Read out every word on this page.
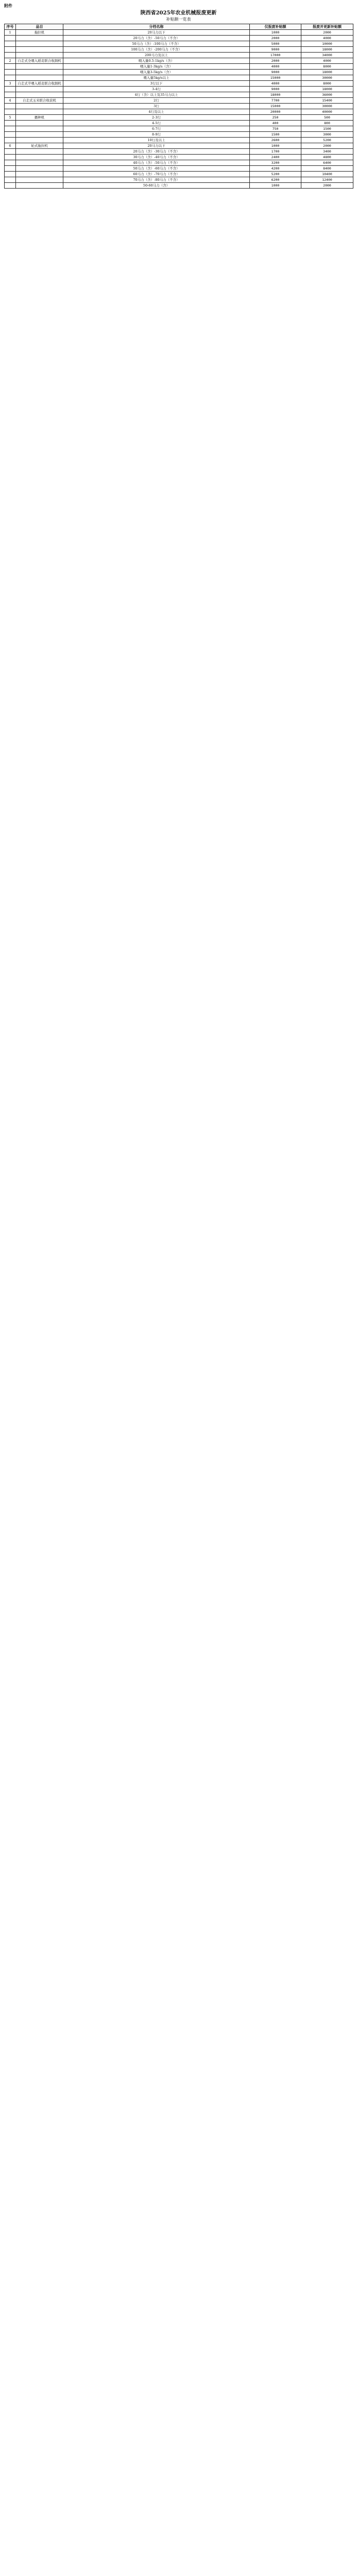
附件
陕西省2025年农业机械报废更新
补贴额一览表
序号	品目	分档名称	仅报废补贴额	报废并更新补贴额
1	拖拉机	20马力以下	1000	2000
		20马力（含）-50马力（不含）	2000	4000
		50马力（含）-100马力（不含）	5000	10000
		100马力（含）-200马力（不含）	9000	18000
		200马力及以上	17000	34000
2	自走式全喂入稻麦联合收割机	喂入量0.5-1kg/s（含）	2000	4000
		喂入量1-3kg/s（含）	4000	8000
		喂入量3-5kg/s（含）	9000	18000
		喂入量5kg/s以上	15000	30000
3	自走式半喂入稻麦联合收割机	3行以下	4000	8000
		3-4行	9000	18000
		4行（含）以上及35马力以上	18000	36000
4	自走式玉米联合收获机	2行	7700	15400
		3行	15000	30000
		4行及以上	20000	40000
5	播种机	2-3行	250	500
		4-5行	400	800
		6-7行	750	1500
		8-9行	1500	3000
		10行及以上	2600	5200
6	轮式拖拉机	20马力以下	1000	2000
		20马力（含）-30马力（不含）	1700	3400
		30马力（含）-40马力（不含）	2400	4800
		40马力（含）-50马力（不含）	3200	6400
		50马力（含）-60马力（不含）	4200	8400
		60马力（含）-70马力（不含）	5200	10400
		70马力（含）-80马力（不含）	6200	12400
		50-60马力（含）	1000	2000
